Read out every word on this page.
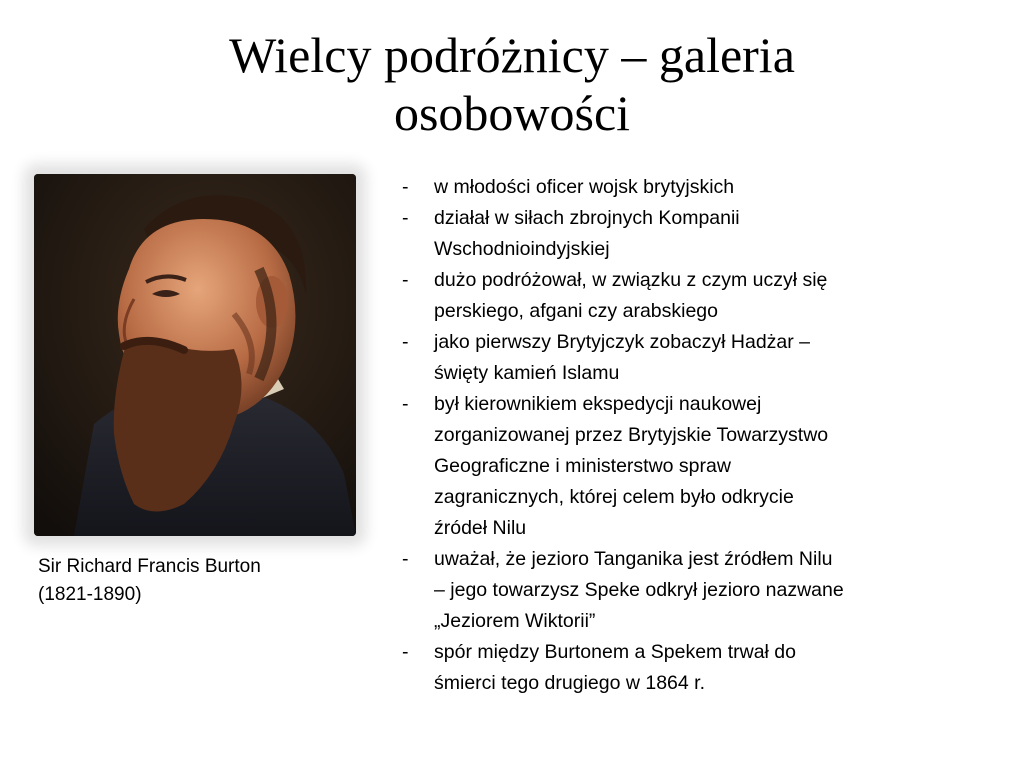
Wielcy podróżnicy – galeria
osobowości
Sir Richard Francis Burton
(1821-1890)
- w młodości oficer wojsk brytyjskich
- działał w siłach zbrojnych Kompanii
Wschodnioindyjskiej
- dużo podróżował, w związku z czym uczył się
perskiego, afgani czy arabskiego
- jako pierwszy Brytyjczyk zobaczył Hadżar –
święty kamień Islamu
- był kierownikiem ekspedycji naukowej
zorganizowanej przez Brytyjskie Towarzystwo
Geograficzne i ministerstwo spraw
zagranicznych, której celem było odkrycie
źródeł Nilu
- uważał, że jezioro Tanganika jest źródłem Nilu
– jego towarzysz Speke odkrył jezioro nazwane
„Jeziorem Wiktorii”
- spór między Burtonem a Spekem trwał do
śmierci tego drugiego w 1864 r.
